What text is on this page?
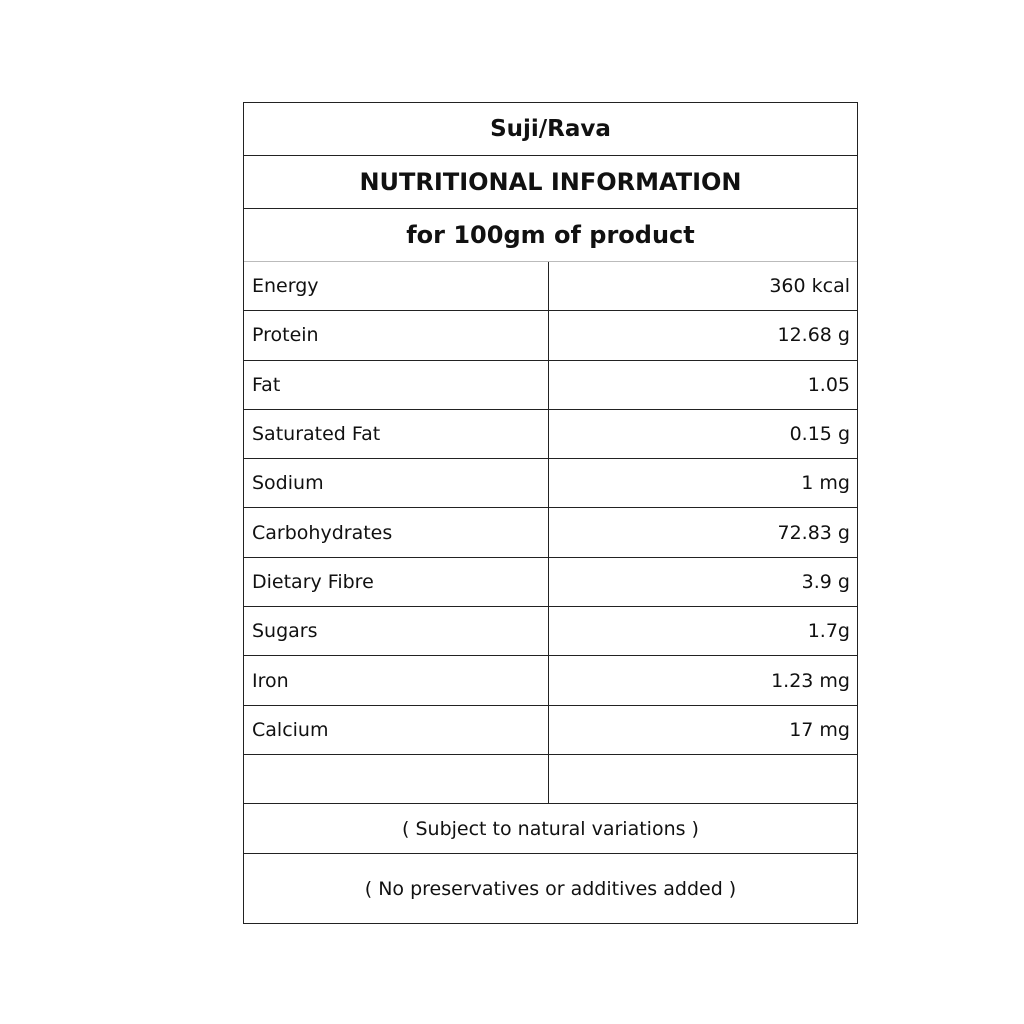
Suji/Rava
NUTRITIONAL INFORMATION
for 100gm of product
Energy	360 kcal
Protein	12.68 g
Fat	1.05
Saturated Fat	0.15 g
Sodium	1 mg
Carbohydrates	72.83 g
Dietary Fibre	3.9 g
Sugars	1.7g
Iron	1.23 mg
Calcium	17 mg
( Subject to natural variations )
( No preservatives or additives added )
